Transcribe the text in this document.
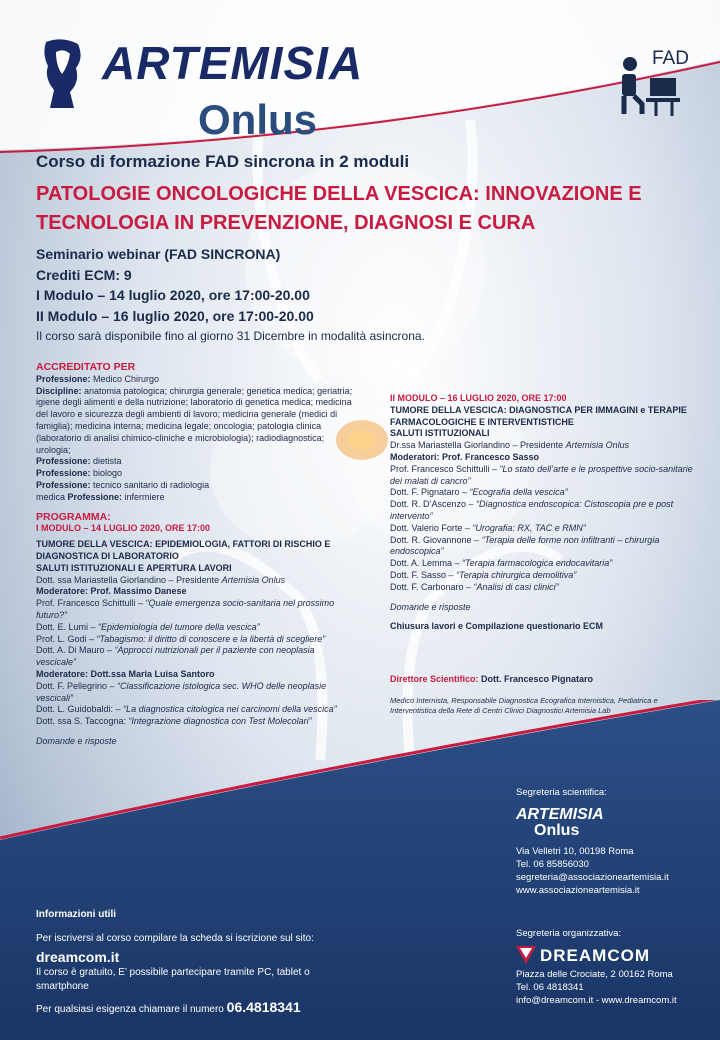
ARTEMISIA
Onlus
FAD
Corso di formazione FAD sincrona in 2 moduli
PATOLOGIE ONCOLOGICHE DELLA VESCICA: INNOVAZIONE E
TECNOLOGIA IN PREVENZIONE, DIAGNOSI E CURA
Seminario webinar (FAD SINCRONA)
Crediti ECM: 9
I Modulo – 14 luglio 2020, ore 17:00-20.00
II Modulo – 16 luglio 2020, ore 17:00-20.00
Il corso sarà disponibile fino al giorno 31 Dicembre in modalità asincrona.
ACCREDITATO PER

Professione: Medico Chirurgo

Discipline: anatomia patologica; chirurgia generale; genetica medica; geriatria; igiene degli alimenti e della nutrizione; laboratorio di genetica medica; medicina del lavoro e sicurezza degli ambienti di lavoro; medicina generale (medici di famiglia); medicina interna; medicina legale; oncologia; patologia clinica (laboratorio di analisi chimico-cliniche e microbiologia); radiodiagnostica; urologia;

Professione: dietista

Professione: biologo

Professione: tecnico sanitario di radiologia

medica Professione: infermiere

PROGRAMMA:

I MODULO – 14 LUGLIO 2020, ORE 17:00

TUMORE DELLA VESCICA: EPIDEMIOLOGIA, FATTORI DI RISCHIO E DIAGNOSTICA DI LABORATORIO

SALUTI ISTITUZIONALI E APERTURA LAVORI

Dott. ssa Mariastella Giorlandino – Presidente Artemisia Onlus

Moderatore: Prof. Massimo Danese

Prof. Francesco Schittulli – “Quale emergenza socio-sanitaria nel prossimo futuro?”

Dott. E. Lumi – “Epidemiologia del tumore della vescica”

Prof. L. Godi – “Tabagismo: il diritto di conoscere e la libertà di scegliere”

Dott. A. Di Mauro – “Approcci nutrizionali per il paziente con neoplasia vescicale”

Moderatore: Dott.ssa Maria Luisa Santoro

Dott. F. Pellegrino – “Classificazione istologica sec. WHO delle neoplasie vescicali”

Dott. L. Guidobaldi: – “La diagnostica citologica nei carcinomi della vescica”

Dott. ssa S. Taccogna: “Integrazione diagnostica con Test Molecolari”

Domande e risposte

II MODULO – 16 LUGLIO 2020, ORE 17:00

TUMORE DELLA VESCICA: DIAGNOSTICA PER IMMAGINI e TERAPIE FARMACOLOGICHE E INTERVENTISTICHE

SALUTI ISTITUZIONALI

Dr.ssa Mariastella Giorlandino – Presidente Artemisia Onlus

Moderatori: Prof. Francesco Sasso

Prof. Francesco Schittulli – “Lo stato dell’arte e le prospettive socio-sanitarie dei malati di cancro”

Dott. F. Pignataro – “Ecografia della vescica”

Dott. R. D’Ascenzo – “Diagnostica endoscopica: Cistoscopia pre e post intervento”

Dott. Valerio Forte – “Urografia: RX, TAC e RMN”

Dott. R. Giovannone – “Terapia delle forme non infiltranti – chirurgia endoscopica”

Dott. A. Lemma – “Terapia farmacologica endocavitaria”

Dott. F. Sasso – “Terapia chirurgica demolitiva”

Dott. F. Carbonaro – “Analisi di casi clinici”

Domande e risposte

Chiusura lavori e Compilazione questionario ECM

Direttore Scientifico: Dott. Francesco Pignataro
Medico Internista, Responsabile Diagnostica Ecografica Internistica, Pediatrica e Interventistica della Rete di Centri Clinici Diagnostici Artemisia Lab
Informazioni utili
Per iscriversi al corso compilare la scheda si iscrizione sul sito:
dreamcom.it
Il corso è gratuito, E’ possibile partecipare tramite PC, tablet o smartphone
Per qualsiasi esigenza chiamare il numero 06.4818341
Segreteria scientifica:
ARTEMISIA
Onlus
Via Velletri 10, 00198 Roma
Tel. 06 85856030
segreteria@associazioneartemisia.it
www.associazioneartemisia.it
Segreteria organizzativa:
DREAMCOM
Piazza delle Crociate, 2 00162 Roma
Tel. 06 4818341
info@dreamcom.it - www.dreamcom.it
